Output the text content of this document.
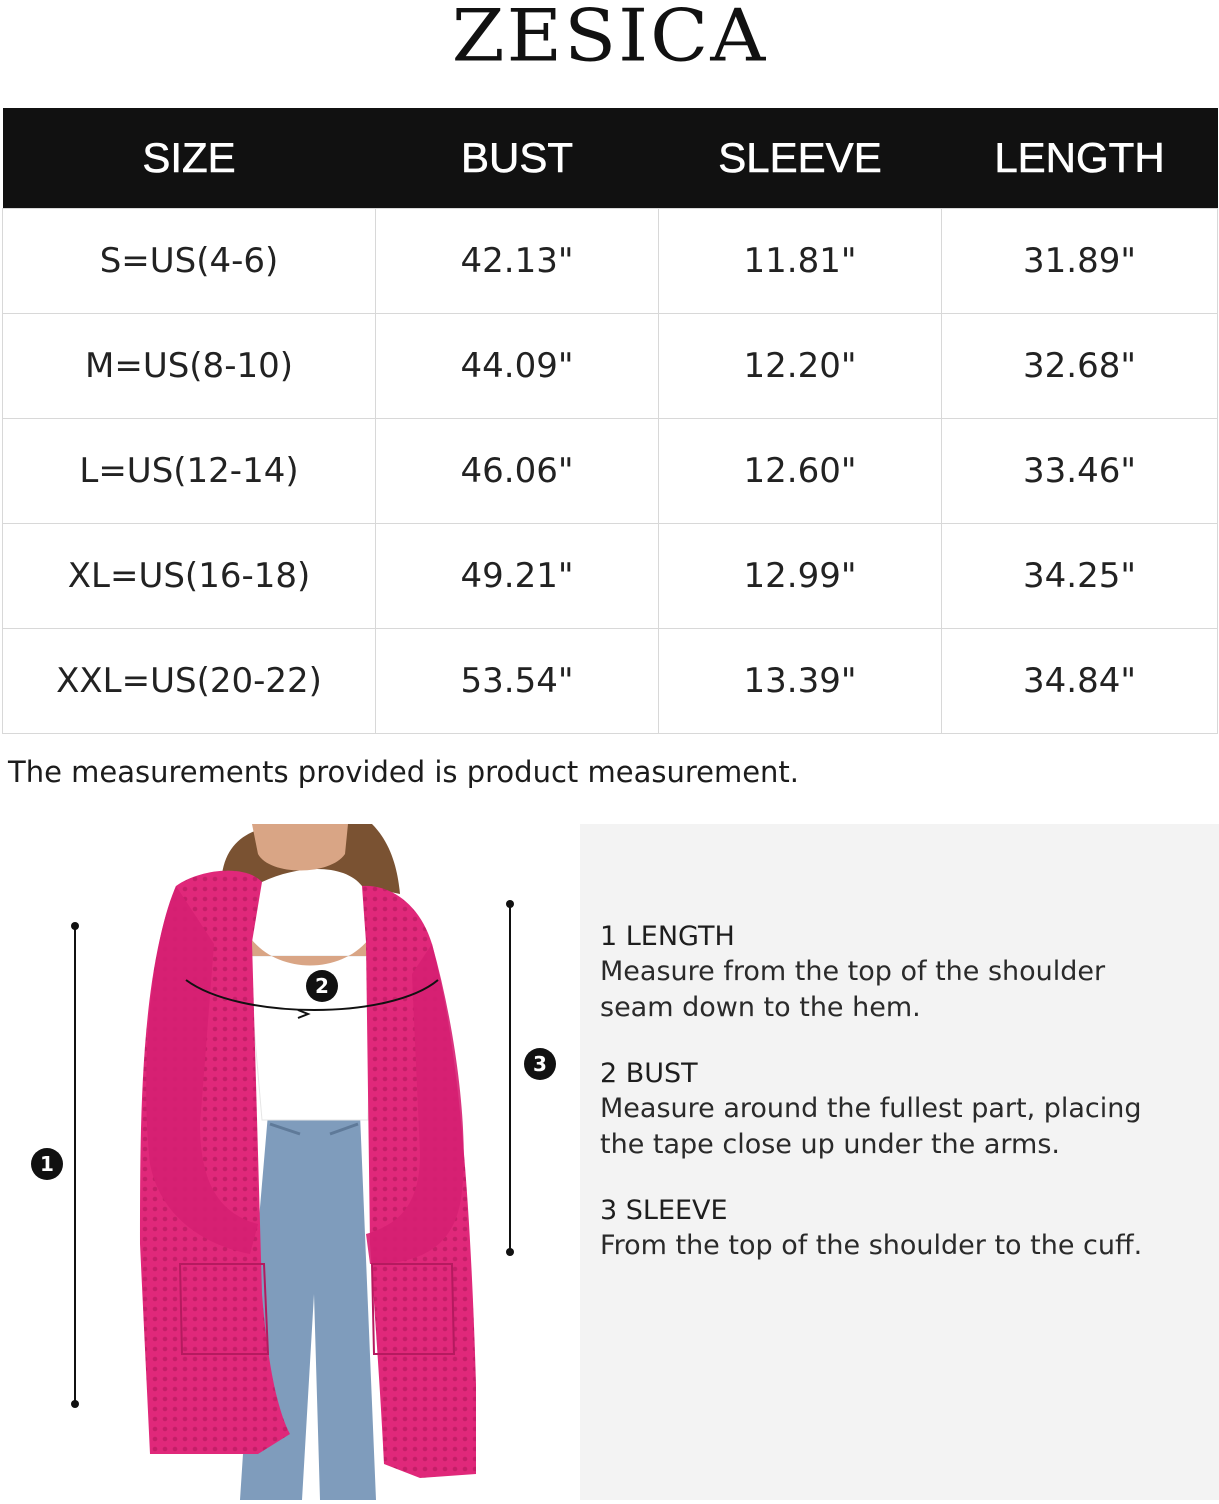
ZESICA
SIZE	BUST	SLEEVE	LENGTH
S=US(4-6)	42.13"	11.81"	31.89"
M=US(8-10)	44.09"	12.20"	32.68"
L=US(12-14)	46.06"	12.60"	33.46"
XL=US(16-18)	49.21"	12.99"	34.25"
XXL=US(20-22)	53.54"	13.39"	34.84"
The measurements provided is product measurement.
1
2
3
1 LENGTH
Measure from the top of the shoulder
seam down to the hem.
2 BUST
Measure around the fullest part, placing
the tape close up under the arms.
3 SLEEVE
From the top of the shoulder to the cuff.
